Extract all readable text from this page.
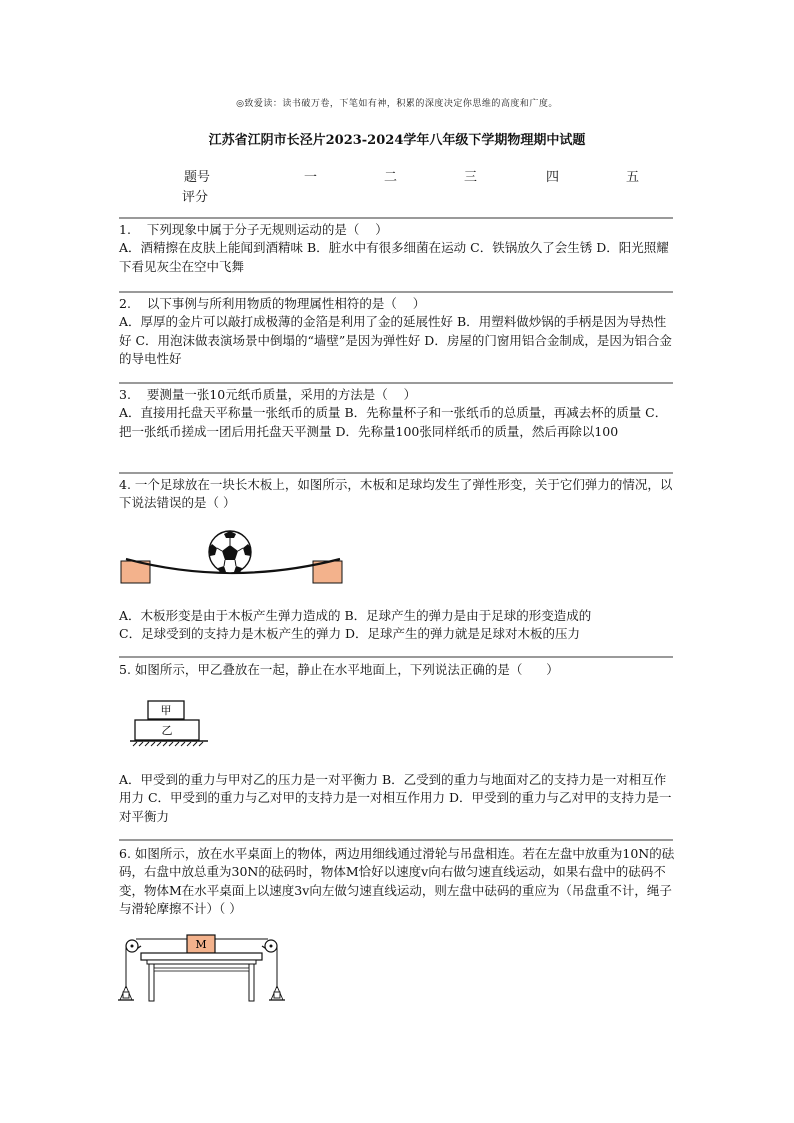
◎致爱读：读书破万卷，下笔如有神，积累的深度决定你思维的高度和广度。
江苏省江阴市长泾片2023-2024学年八年级下学期物理期中试题
题号	一	二	三	四	五
评分

1.    下列现象中属于分子无规则运动的是（    ）

A．酒精擦在皮肤上能闻到酒精味 B．脏水中有很多细菌在运动 C．铁锅放久了会生锈 D．阳光照耀下看见灰尘在空中飞舞

2.    以下事例与所利用物质的物理属性相符的是（    ）

A．厚厚的金片可以敲打成极薄的金箔是利用了金的延展性好 B．用塑料做炒锅的手柄是因为导热性好 C．用泡沫做表演场景中倒塌的“墙壁”是因为弹性好 D．房屋的门窗用铝合金制成，是因为铝合金的导电性好

3.    要测量一张10元纸币质量，采用的方法是（    ）

A．直接用托盘天平称量一张纸币的质量 B．先称量杯子和一张纸币的总质量，再减去杯的质量 C．把一张纸币搓成一团后用托盘天平测量 D．先称量100张同样纸币的质量，然后再除以100

4. 一个足球放在一块长木板上，如图所示，木板和足球均发生了弹性形变，关于它们弹力的情况，以下说法错误的是（ ）

A．木板形变是由于木板产生弹力造成的 B．足球产生的弹力是由于足球的形变造成的

C．足球受到的支持力是木板产生的弹力 D．足球产生的弹力就是足球对木板的压力

5. 如图所示，甲乙叠放在一起，静止在水平地面上，下列说法正确的是（      ）

甲
乙

A．甲受到的重力与甲对乙的压力是一对平衡力 B．乙受到的重力与地面对乙的支持力是一对相互作用力 C．甲受到的重力与乙对甲的支持力是一对相互作用力 D．甲受到的重力与乙对甲的支持力是一对平衡力

6. 如图所示，放在水平桌面上的物体，两边用细线通过滑轮与吊盘相连。若在左盘中放重为10N的砝码，右盘中放总重为30N的砝码时，物体M恰好以速度v向右做匀速直线运动，如果右盘中的砝码不变，物体M在水平桌面上以速度3v向左做匀速直线运动，则左盘中砝码的重应为（吊盘重不计，绳子与滑轮摩擦不计）（ ）

M
